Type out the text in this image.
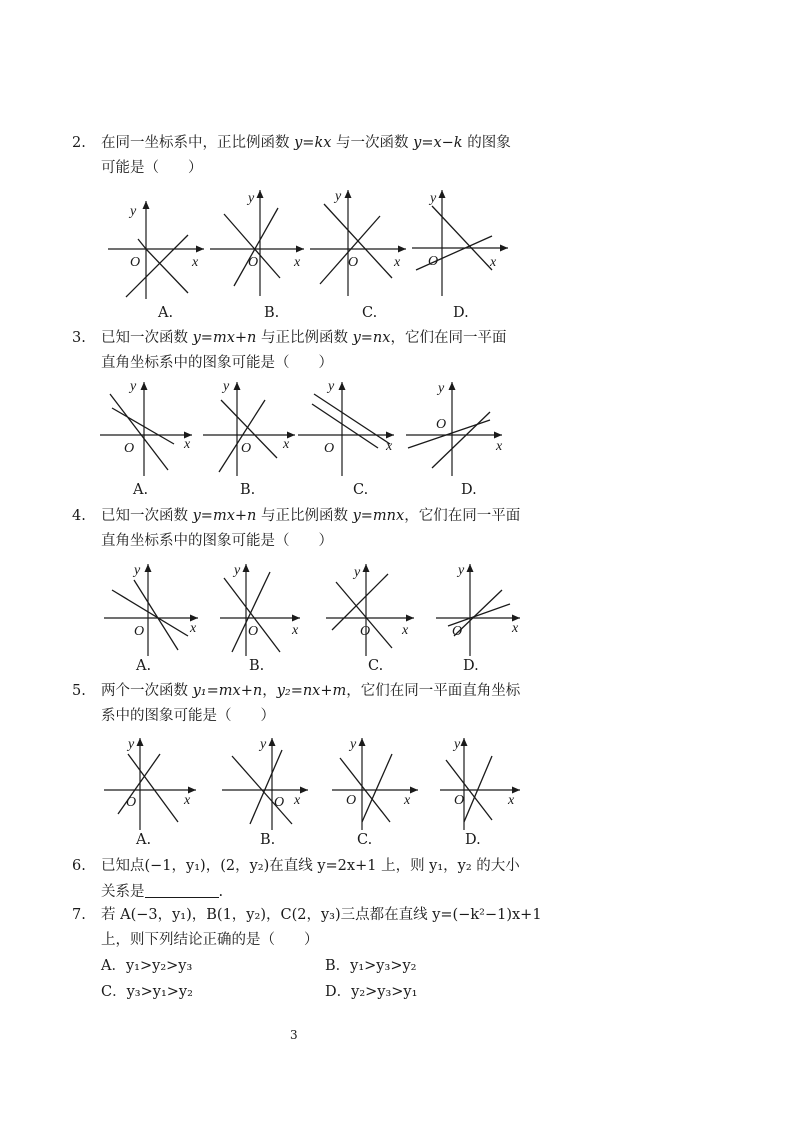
2. 在同一坐标系中，正比例函数 y=kx 与一次函数 y=x−k 的图象
可能是（　　）
y
O	x
y
O	x
y
O	x
y
O	x
A.	B.	C.	D.
3. 已知一次函数 y=mx+n 与正比例函数 y=nx，它们在同一平面
直角坐标系中的图象可能是（　　）
y
O	x
y
O x
y
O	x
y
O
x
A.	B.	C.	D.
4. 已知一次函数 y=mx+n 与正比例函数 y=mnx，它们在同一平面
直角坐标系中的图象可能是（　　）
y
O	x
y
O x
y
O x
y
O	x
A.	B.	C.	D.
5. 两个一次函数 y₁=mx+n，y₂=nx+m，它们在同一平面直角坐标
系中的图象可能是（　　）
y
O	x
y
O x
y
O	x
y
O	x
A.	B.	C.	D.
6. 已知点(−1，y₁)，(2，y₂)在直线 y=2x+1 上，则 y₁，y₂ 的大小
关系是	.
7. 若 A(−3，y₁)，B(1，y₂)，C(2，y₃)三点都在直线 y=(−k²−1)x+1
上，则下列结论正确的是（　　）
A．y₁>y₂>y₃	B．y₁>y₃>y₂
C．y₃>y₁>y₂	D．y₂>y₃>y₁
3
